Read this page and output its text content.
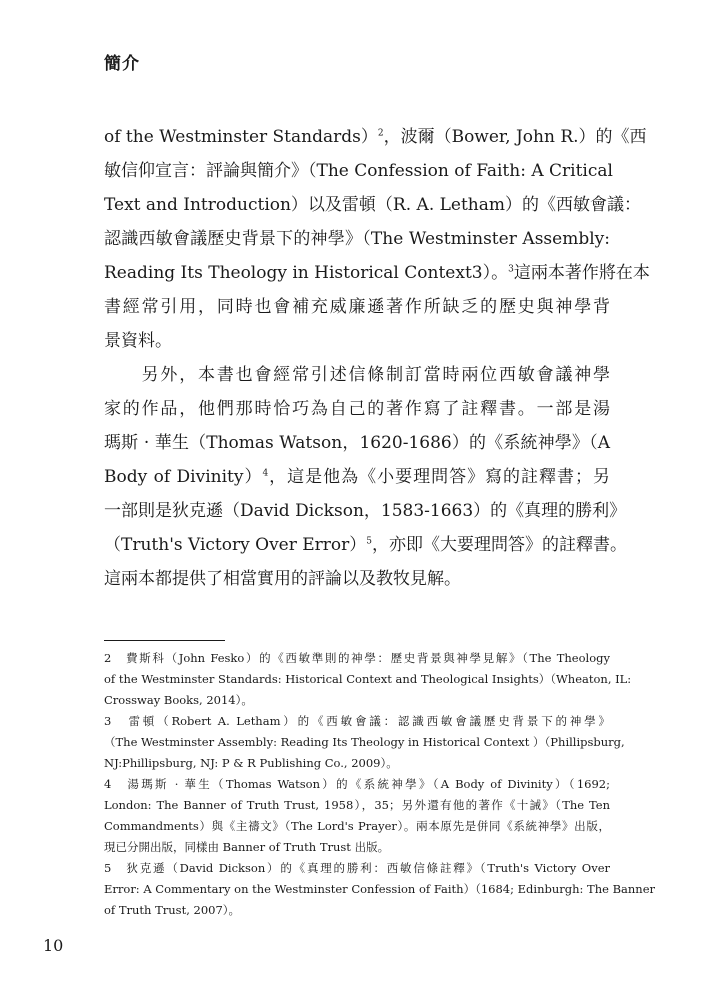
簡介
of the Westminster Standards）$^2$，波爾（Bower, John R.）的《西
敏信仰宣言：評論與簡介》（The Confession of Faith: A Critical
Text and Introduction）以及雷頓（R. A. Letham）的《西敏會議：
認識西敏會議歷史背景下的神學》（The Westminster Assembly:
Reading Its Theology in Historical Context3）。$^3$這兩本著作將在本
書經常引用，同時也會補充威廉遜著作所缺乏的歷史與神學背
景資料。
　　另外，本書也會經常引述信條制訂當時兩位西敏會議神學
家的作品，他們那時恰巧為自己的著作寫了註釋書。一部是湯
瑪斯 · 華生（Thomas Watson，1620-1686）的《系統神學》（A
Body of Divinity）$^4$，這是他為《小要理問答》寫的註釋書；另
一部則是狄克遜（David Dickson，1583-1663）的《真理的勝利》
（Truth's Victory Over Error）$^5$，亦即《大要理問答》的註釋書。
這兩本都提供了相當實用的評論以及教牧見解。
2　費斯科（John Fesko）的《西敏準則的神學：歷史背景與神學見解》（The Theology
of the Westminster Standards: Historical Context and Theological Insights）（Wheaton, IL:
Crossway Books, 2014）。
3　雷頓（Robert A. Letham）的《西敏會議：認識西敏會議歷史背景下的神學》
（The Westminster Assembly: Reading Its Theology in Historical Context ）（Phillipsburg,
NJ:Phillipsburg, NJ: P & R Publishing Co., 2009）。
4　湯瑪斯 · 華生（Thomas Watson）的《系統神學》（A Body of Divinity）（1692;
London: The Banner of Truth Trust, 1958），35；另外還有他的著作《十誡》（The Ten
Commandments）與《主禱文》（The Lord's Prayer）。兩本原先是併同《系統神學》出版，
現已分開出版，同樣由 Banner of Truth Trust 出版。
5　狄克遜（David Dickson）的《真理的勝利：西敏信條註釋》（Truth's Victory Over
Error: A Commentary on the Westminster Confession of Faith）（1684; Edinburgh: The Banner
of Truth Trust, 2007）。
10
